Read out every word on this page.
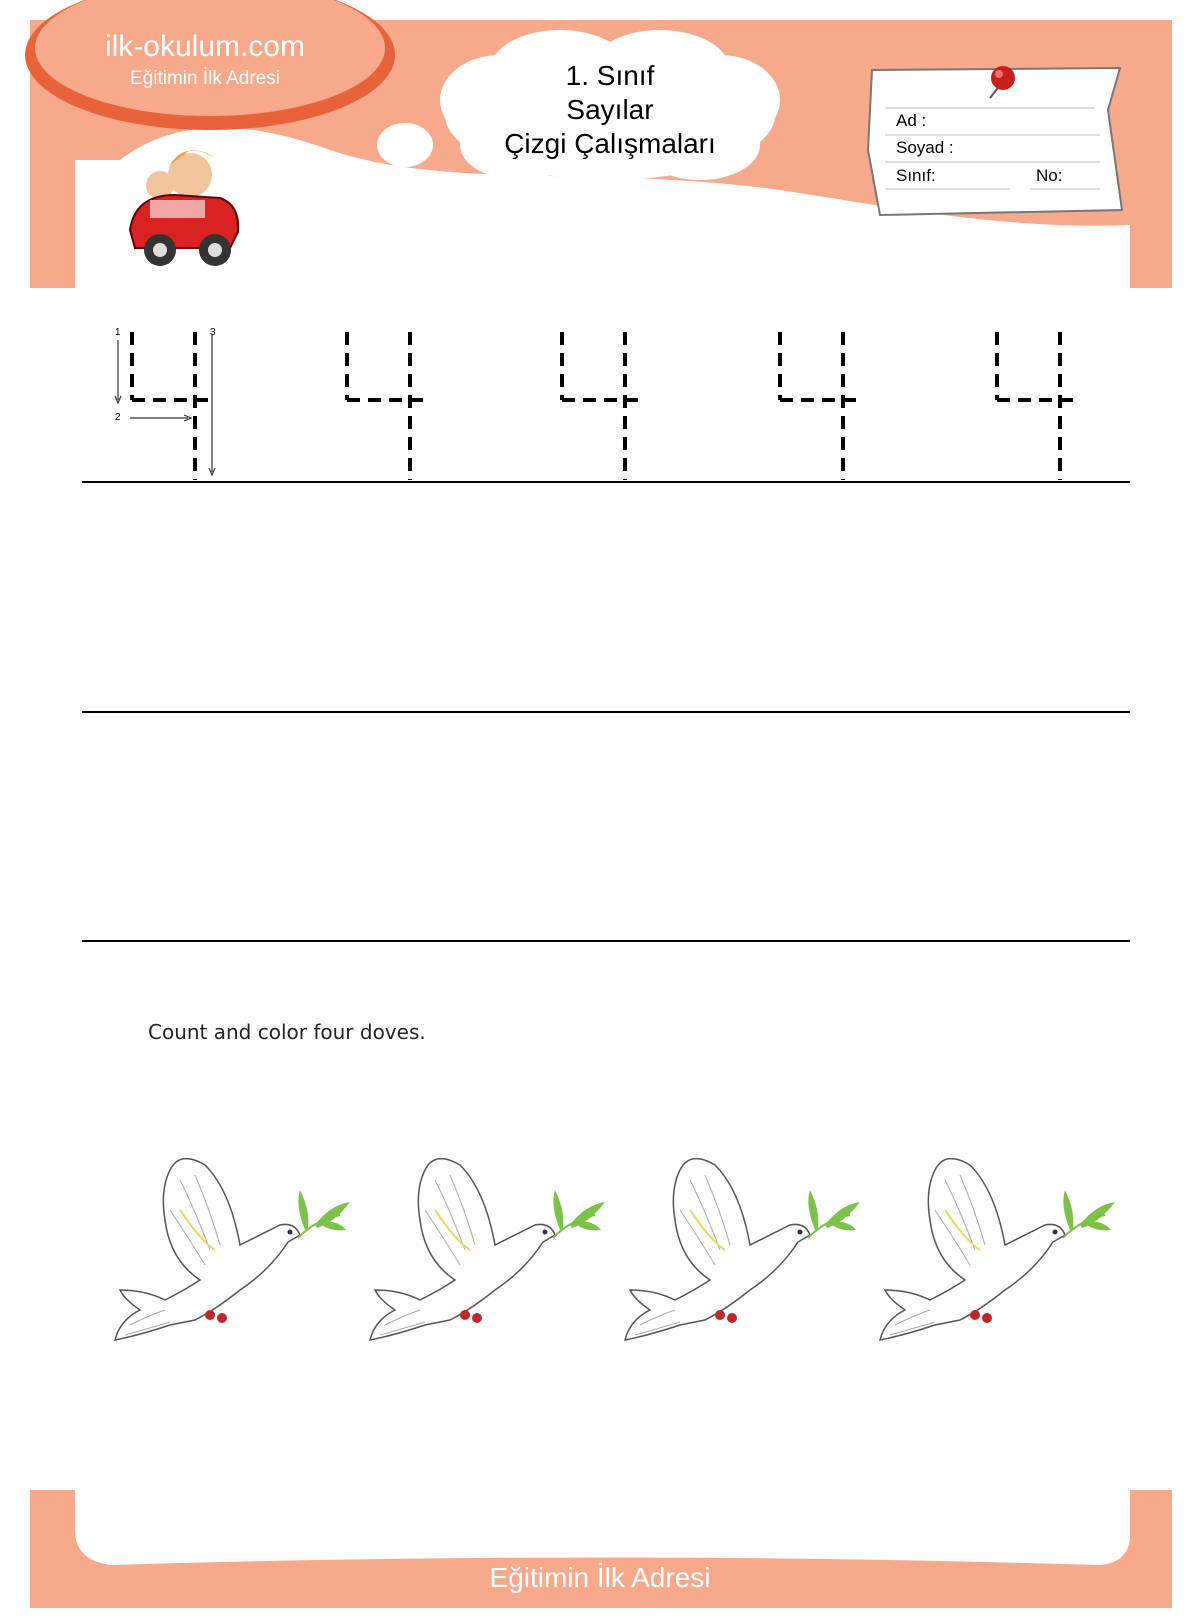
ilk-okulum.com
Eğitimin İlk Adresi	1. Sınıf
Sayılar
Çizgi Çalışmaları
Ad :
Soyad :
Sınıf:	No:
1
2
3
Count and color four doves.
ilk-okulum.com
Eğitimin İlk Adresi
